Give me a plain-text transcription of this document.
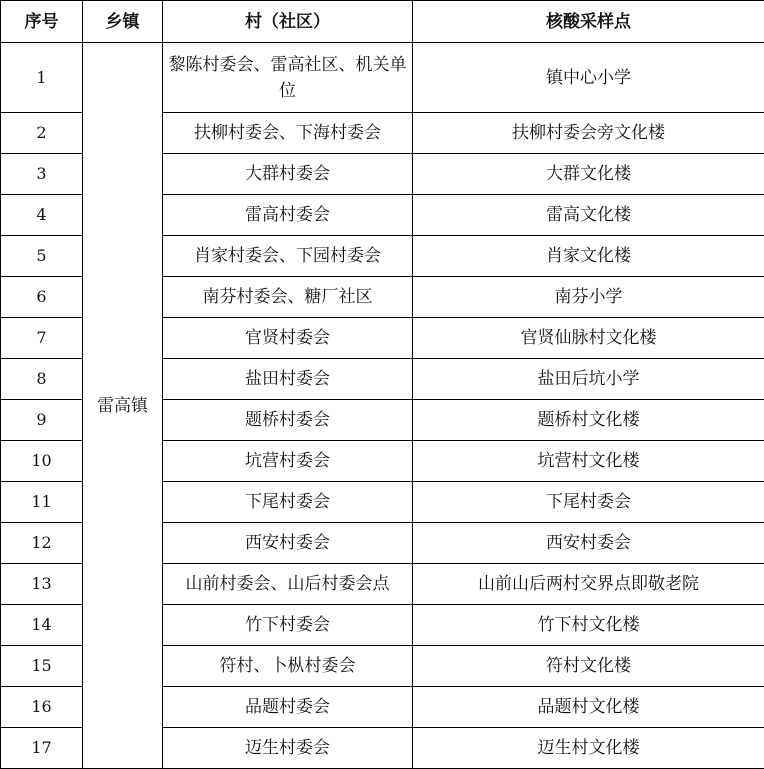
序号	乡镇	村（社区）	核酸采样点
1	雷高镇	黎陈村委会、雷高社区、机关单位	镇中心小学
2		扶柳村委会、下海村委会	扶柳村委会旁文化楼
3		大群村委会	大群文化楼
4		雷高村委会	雷高文化楼
5		肖家村委会、下园村委会	肖家文化楼
6		南芬村委会、糖厂社区	南芬小学
7		官贤村委会	官贤仙脉村文化楼
8		盐田村委会	盐田后坑小学
9		题桥村委会	题桥村文化楼
10		坑营村委会	坑营村文化楼
11		下尾村委会	下尾村委会
12		西安村委会	西安村委会
13		山前村委会、山后村委会点	山前山后两村交界点即敬老院
14		竹下村委会	竹下村文化楼
15		符村、卜枞村委会	符村文化楼
16		品题村委会	品题村文化楼
17		迈生村委会	迈生村文化楼
